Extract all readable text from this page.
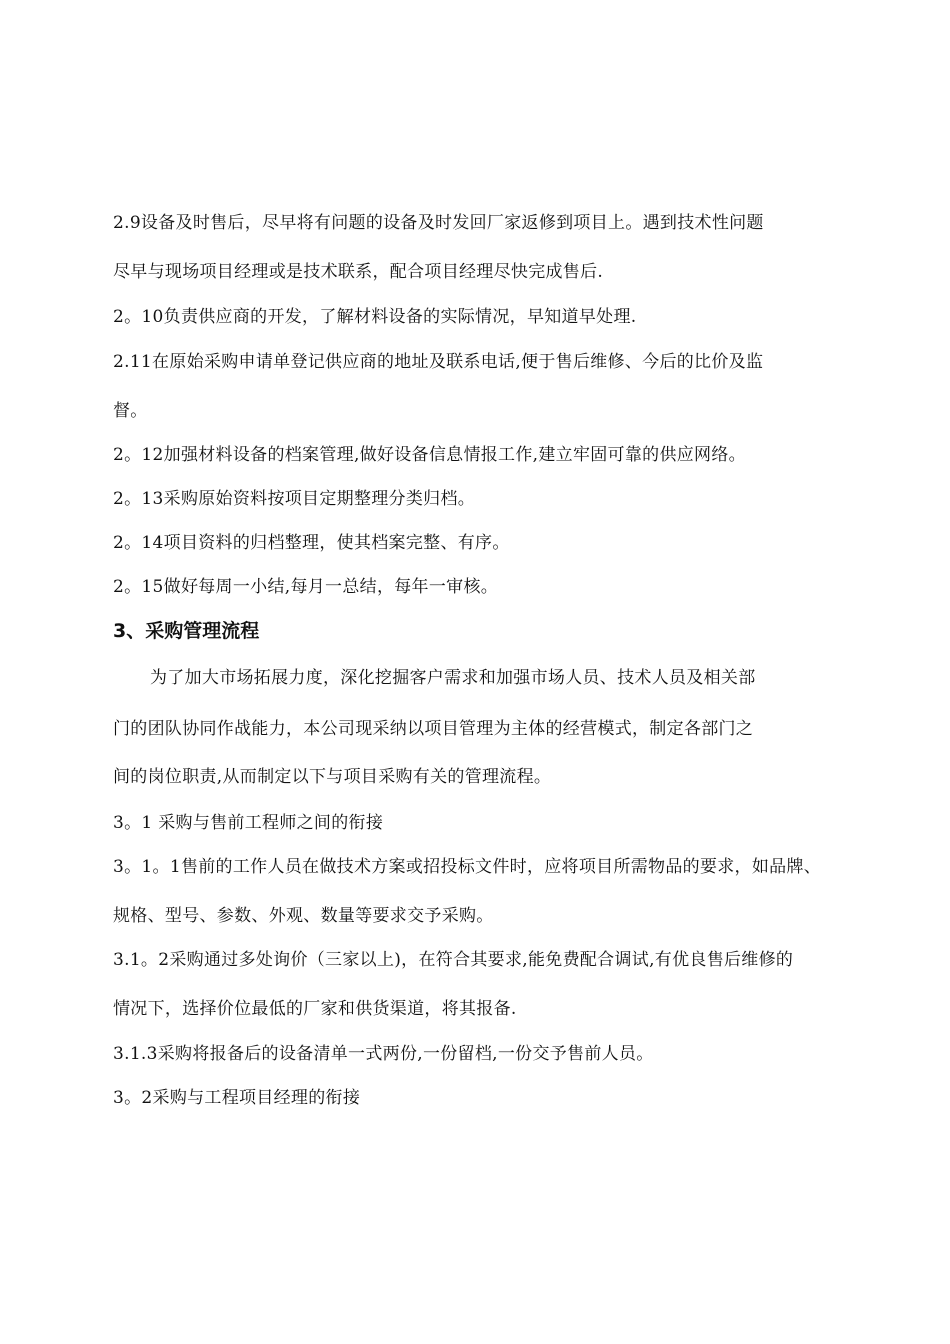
2.9设备及时售后，尽早将有问题的设备及时发回厂家返修到项目上。遇到技术性问题
尽早与现场项目经理或是技术联系，配合项目经理尽快完成售后.
2。10负责供应商的开发，了解材料设备的实际情况，早知道早处理.
2.11在原始采购申请单登记供应商的地址及联系电话,便于售后维修、今后的比价及监
督。
2。12加强材料设备的档案管理,做好设备信息情报工作,建立牢固可靠的供应网络。
2。13采购原始资料按项目定期整理分类归档。
2。14项目资料的归档整理，使其档案完整、有序。
2。15做好每周一小结,每月一总结，每年一审核。
3、采购管理流程
为了加大市场拓展力度，深化挖掘客户需求和加强市场人员、技术人员及相关部
门的团队协同作战能力，本公司现采纳以项目管理为主体的经营模式，制定各部门之
间的岗位职责,从而制定以下与项目采购有关的管理流程。
3。1 采购与售前工程师之间的衔接
3。1。1售前的工作人员在做技术方案或招投标文件时，应将项目所需物品的要求，如品牌、
规格、型号、参数、外观、数量等要求交予采购。
3.1。2采购通过多处询价（三家以上)，在符合其要求,能免费配合调试,有优良售后维修的
情况下，选择价位最低的厂家和供货渠道，将其报备.
3.1.3采购将报备后的设备清单一式两份,一份留档,一份交予售前人员。
3。2采购与工程项目经理的衔接
